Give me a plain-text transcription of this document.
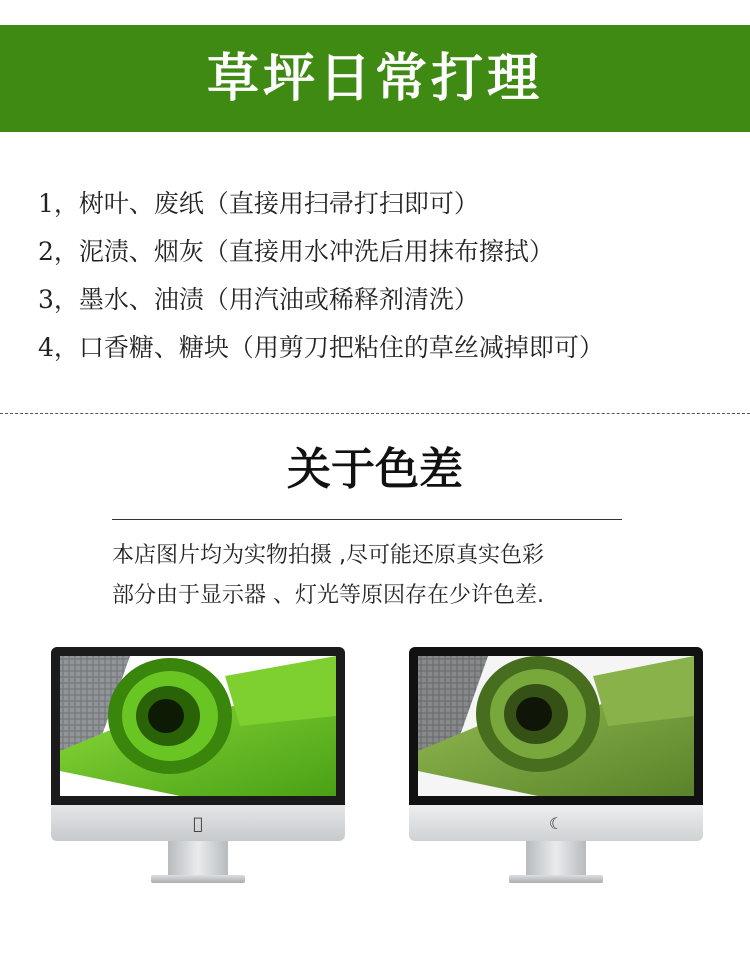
草坪日常打理
1，树叶、废纸（直接用扫帚打扫即可）
2，泥渍、烟灰（直接用水冲洗后用抹布擦拭）
3，墨水、油渍（用汽油或稀释剂清洗）
4，口香糖、糖块（用剪刀把粘住的草丝减掉即可）
关于色差

本店图片均为实物拍摄 ,尽可能还原真实色彩

部分由于显示器 、灯光等原因存在少许色差.

☾
